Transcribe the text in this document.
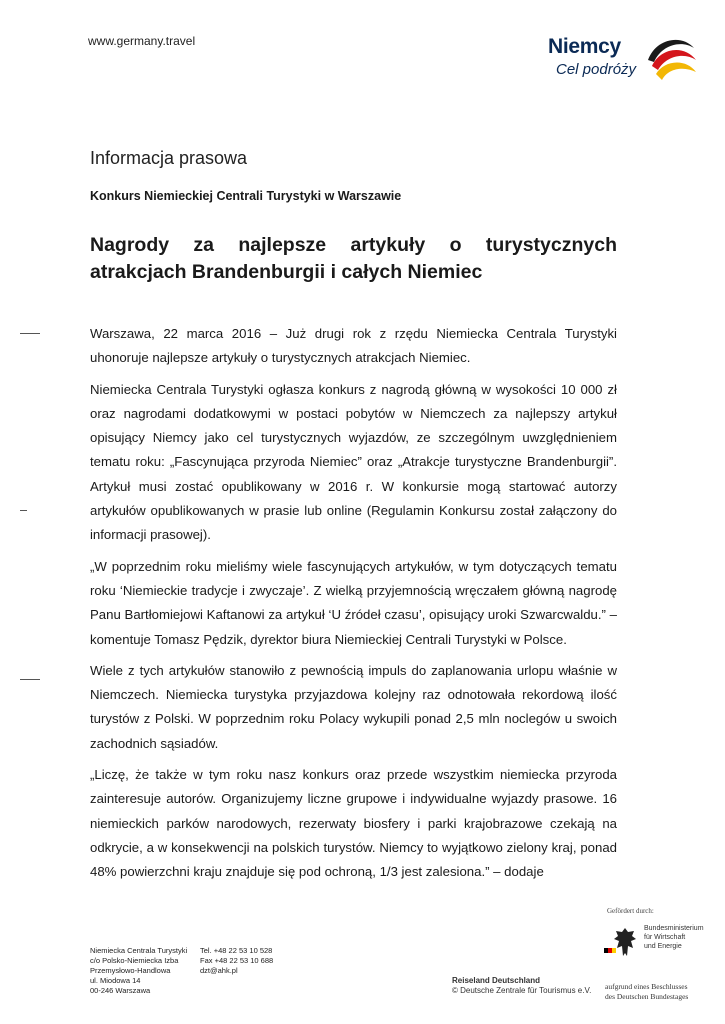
www.germany.travel	Niemcy
Cel podróży
Informacja prasowa
Konkurs Niemieckiej Centrali Turystyki w Warszawie
Nagrody za najlepsze artykuły o turystycznych atrakcjach Brandenburgii i całych Niemiec

Warszawa, 22 marca 2016 – Już drugi rok z rzędu Niemiecka Centrala Turystyki uhonoruje najlepsze artykuły o turystycznych atrakcjach Niemiec.

Niemiecka Centrala Turystyki ogłasza konkurs z nagrodą główną w wysokości 10 000 zł oraz nagrodami dodatkowymi w postaci pobytów w Niemczech za najlepszy artykuł opisujący Niemcy jako cel turystycznych wyjazdów, ze szczególnym uwzględnieniem tematu roku: „Fascynująca przyroda Niemiec” oraz „Atrakcje turystyczne Brandenburgii”. Artykuł musi zostać opublikowany w 2016 r. W konkursie mogą startować autorzy artykułów opublikowanych w prasie lub online (Regulamin Konkursu został załączony do informacji prasowej).

„W poprzednim roku mieliśmy wiele fascynujących artykułów, w tym dotyczących tematu roku ‘Niemieckie tradycje i zwyczaje’. Z wielką przyjemnością wręczałem główną nagrodę Panu Bartłomiejowi Kaftanowi za artykuł ‘U źródeł czasu’, opisujący uroki Szwarcwaldu.” – komentuje Tomasz Pędzik, dyrektor biura Niemieckiej Centrali Turystyki w Polsce.

Wiele z tych artykułów stanowiło z pewnością impuls do zaplanowania urlopu właśnie w Niemczech. Niemiecka turystyka przyjazdowa kolejny raz odnotowała rekordową ilość turystów z Polski. W poprzednim roku Polacy wykupili ponad 2,5 mln noclegów u swoich zachodnich sąsiadów.

„Liczę, że także w tym roku nasz konkurs oraz przede wszystkim niemiecka przyroda zainteresuje autorów. Organizujemy liczne grupowe i indywidualne wyjazdy prasowe. 16 niemieckich parków narodowych, rezerwaty biosfery i parki krajobrazowe czekają na odkrycie, a w konsekwencji na polskich turystów. Niemcy to wyjątkowo zielony kraj, ponad 48% powierzchni kraju znajduje się pod ochroną, 1/3 jest zalesiona.” – dodaje

Niemiecka Centrala Turystyki
c/o Polsko-Niemiecka Izba
Przemysłowo-Handlowa
ul. Miodowa 14
00-246 Warszawa
Tel. +48 22 53 10 528
Fax +48 22 53 10 688
dzt@ahk.pl
Reiseland Deutschland
© Deutsche Zentrale für Tourismus e.V.
Gefördert durch:
Bundesministerium
für Wirtschaft
und Energie
aufgrund eines Beschlusses
des Deutschen Bundestages
